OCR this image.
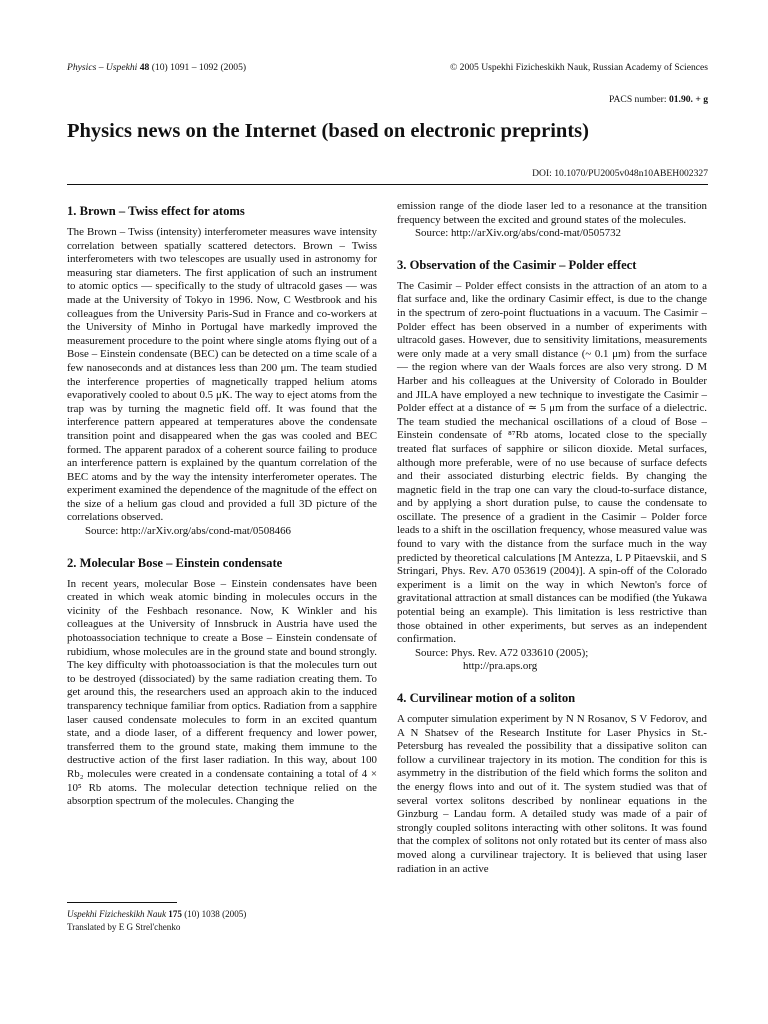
Physics – Uspekhi 48 (10) 1091 – 1092 (2005)	© 2005 Uspekhi Fizicheskikh Nauk, Russian Academy of Sciences
PACS number: 01.90. + g
Physics news on the Internet (based on electronic preprints)
DOI: 10.1070/PU2005v048n10ABEH002327
1. Brown – Twiss effect for atoms

The Brown – Twiss (intensity) interferometer measures wave intensity correlation between spatially scattered detectors. Brown – Twiss interferometers with two telescopes are usually used in astronomy for measuring star diameters. The first application of such an instrument to atomic optics — specifically to the study of ultracold gases — was made at the University of Tokyo in 1996. Now, C Westbrook and his colleagues from the University Paris-Sud in France and co-workers at the University of Minho in Portugal have markedly improved the measurement procedure to the point where single atoms flying out of a Bose – Einstein condensate (BEC) can be detected on a time scale of a few nanoseconds and at distances less than 200 μm. The team studied the interference properties of magnetically trapped helium atoms evaporatively cooled to about 0.5 μK. The way to eject atoms from the trap was by turning the magnetic field off. It was found that the interference pattern appeared at temperatures above the condensate transition point and disappeared when the gas was cooled and BEC formed. The apparent paradox of a coherent source failing to produce an interference pattern is explained by the quantum correlation of the BEC atoms and by the way the intensity interferometer operates. The experiment examined the dependence of the magnitude of the effect on the size of a helium gas cloud and provided a full 3D picture of the correlations observed.

Source: http://arXiv.org/abs/cond-mat/0508466

2. Molecular Bose – Einstein condensate

In recent years, molecular Bose – Einstein condensates have been created in which weak atomic binding in molecules occurs in the vicinity of the Feshbach resonance. Now, K Winkler and his colleagues at the University of Innsbruck in Austria have used the photoassociation technique to create a Bose – Einstein condensate of rubidium, whose molecules are in the ground state and bound strongly. The key difficulty with photoassociation is that the molecules turn out to be destroyed (dissociated) by the same radiation creating them. To get around this, the researchers used an approach akin to the induced transparency technique familiar from optics. Radiation from a sapphire laser caused condensate molecules to form in an excited quantum state, and a diode laser, of a different frequency and lower power, transferred them to the ground state, making them immune to the destructive action of the first laser radiation. In this way, about 100 Rb₂ molecules were created in a condensate containing a total of 4 × 10⁵ Rb atoms. The molecular detection technique relied on the absorption spectrum of the molecules. Changing the

emission range of the diode laser led to a resonance at the transition frequency between the excited and ground states of the molecules.

Source: http://arXiv.org/abs/cond-mat/0505732

3. Observation of the Casimir – Polder effect

The Casimir – Polder effect consists in the attraction of an atom to a flat surface and, like the ordinary Casimir effect, is due to the change in the spectrum of zero-point fluctuations in a vacuum. The Casimir – Polder effect has been observed in a number of experiments with ultracold gases. However, due to sensitivity limitations, measurements were only made at a very small distance (~ 0.1 μm) from the surface — the region where van der Waals forces are also very strong. D M Harber and his colleagues at the University of Colorado in Boulder and JILA have employed a new technique to investigate the Casimir – Polder effect at a distance of ≃ 5 μm from the surface of a dielectric. The team studied the mechanical oscillations of a cloud of Bose – Einstein condensate of ⁸⁷Rb atoms, located close to the specially treated flat surfaces of sapphire or silicon dioxide. Metal surfaces, although more preferable, were of no use because of surface defects and their associated disturbing electric fields. By changing the magnetic field in the trap one can vary the cloud-to-surface distance, and by applying a short duration pulse, to cause the condensate to oscillate. The presence of a gradient in the Casimir – Polder force leads to a shift in the oscillation frequency, whose measured value was found to vary with the distance from the surface much in the way predicted by theoretical calculations [M Antezza, L P Pitaevskii, and S Stringari, Phys. Rev. A70 053619 (2004)]. A spin-off of the Colorado experiment is a limit on the way in which Newton's force of gravitational attraction at small distances can be modified (the Yukawa potential being an example). This limitation is less restrictive than those obtained in other experiments, but serves as an independent confirmation.

Source: Phys. Rev. A72 033610 (2005);

http://pra.aps.org

4. Curvilinear motion of a soliton

A computer simulation experiment by N N Rosanov, S V Fedorov, and A N Shatsev of the Research Institute for Laser Physics in St.-Petersburg has revealed the possibility that a dissipative soliton can follow a curvilinear trajectory in its motion. The condition for this is asymmetry in the distribution of the field which forms the soliton and the energy flows into and out of it. The system studied was that of several vortex solitons described by nonlinear equations in the Ginzburg – Landau form. A detailed study was made of a pair of strongly coupled solitons interacting with other solitons. It was found that the complex of solitons not only rotated but its center of mass also moved along a curvilinear trajectory. It is believed that using laser radiation in an active

Uspekhi Fizicheskikh Nauk 175 (10) 1038 (2005)
Translated by E G Strel'chenko
